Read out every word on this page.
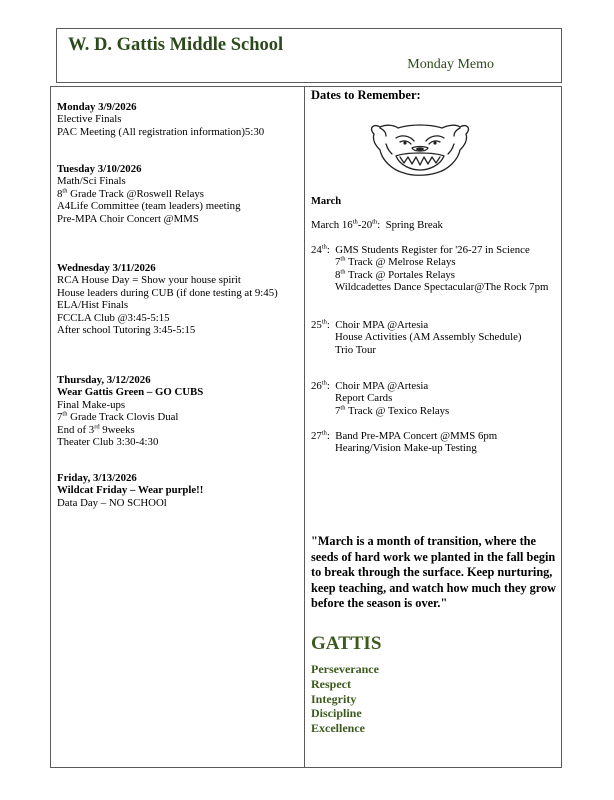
W. D. Gattis Middle School
Monday Memo
Monday 3/9/2026
Elective Finals
PAC Meeting (All registration information)5:30
Tuesday 3/10/2026
Math/Sci Finals
8th Grade Track @Roswell Relays
A4Life Committee (team leaders) meeting
Pre-MPA Choir Concert @MMS
Wednesday 3/11/2026
RCA House Day = Show your house spirit
House leaders during CUB (if done testing at 9:45)
ELA/Hist Finals
FCCLA Club @3:45-5:15
After school Tutoring 3:45-5:15
Thursday, 3/12/2026
Wear Gattis Green – GO CUBS
Final Make-ups
7th Grade Track Clovis Dual
End of 3rd 9weeks
Theater Club 3:30-4:30
Friday, 3/13/2026
Wildcat Friday – Wear purple!!
Data Day – NO SCHOOl
Dates to Remember:
March
March 16th-20th: Spring Break
24th: GMS Students Register for '26-27 in Science
7th Track @ Melrose Relays
8th Track @ Portales Relays
Wildcadettes Dance Spectacular@The Rock 7pm
25th: Choir MPA @Artesia
House Activities (AM Assembly Schedule)
Trio Tour
26th: Choir MPA @Artesia
Report Cards
7th Track @ Texico Relays
27th: Band Pre-MPA Concert @MMS 6pm
Hearing/Vision Make-up Testing
"March is a month of transition, where the seeds of hard work we planted in the fall begin to break through the surface. Keep nurturing, keep teaching, and watch how much they grow before the season is over."
GATTIS
Perseverance
Respect
Integrity
Discipline
Excellence
